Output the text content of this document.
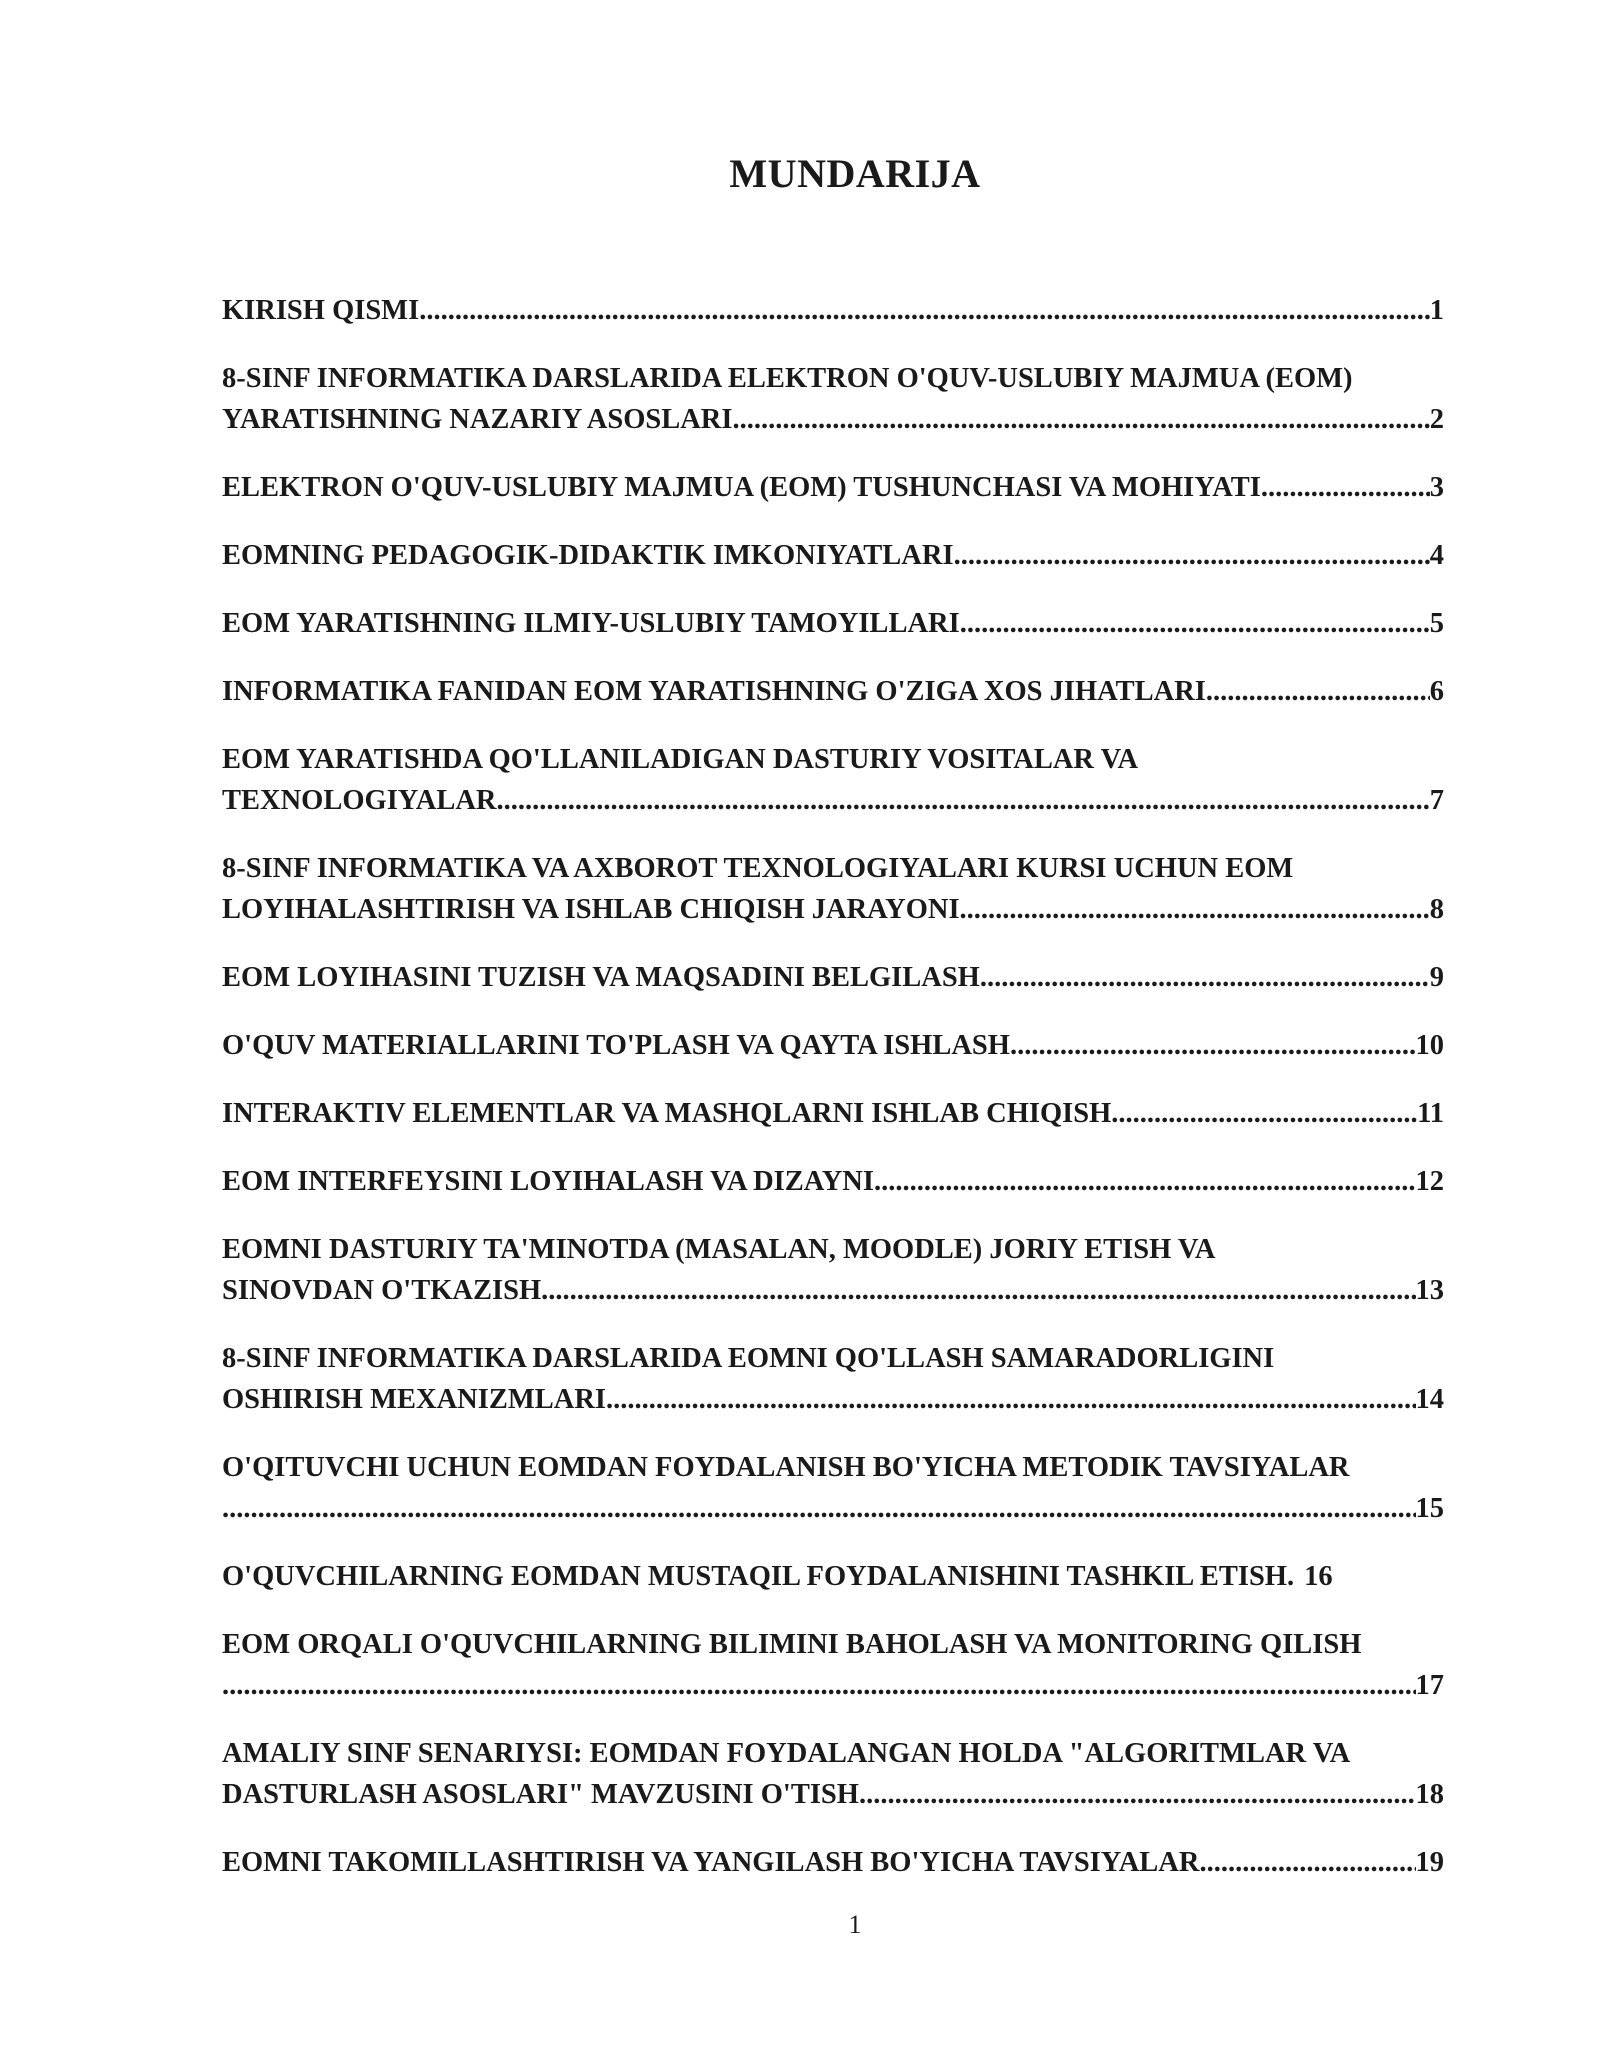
MUNDARIJA
KIRISH QISMI .....	1
8-SINF INFORMATIKA DARSLARIDA ELEKTRON O'QUV-USLUBIY MAJMUA (EOM)
YARATISHNING NAZARIY ASOSLARI .....	2
ELEKTRON O'QUV-USLUBIY MAJMUA (EOM) TUSHUNCHASI VA MOHIYATI .....	3
EOMNING PEDAGOGIK-DIDAKTIK IMKONIYATLARI .....	4
EOM YARATISHNING ILMIY-USLUBIY TAMOYILLARI .....	5
INFORMATIKA FANIDAN EOM YARATISHNING O'ZIGA XOS JIHATLARI .....	6
EOM YARATISHDA QO'LLANILADIGAN DASTURIY VOSITALAR VA
TEXNOLOGIYALAR .....	7
8-SINF INFORMATIKA VA AXBOROT TEXNOLOGIYALARI KURSI UCHUN EOM
LOYIHALASHTIRISH VA ISHLAB CHIQISH JARAYONI .....	8
EOM LOYIHASINI TUZISH VA MAQSADINI BELGILASH .....	9
O'QUV MATERIALLARINI TO'PLASH VA QAYTA ISHLASH .....	10
INTERAKTIV ELEMENTLAR VA MASHQLARNI ISHLAB CHIQISH .....	11
EOM INTERFEYSINI LOYIHALASH VA DIZAYNI .....	12
EOMNI DASTURIY TA'MINOTDA (MASALAN, MOODLE) JORIY ETISH VA
SINOVDAN O'TKAZISH .....	13
8-SINF INFORMATIKA DARSLARIDA EOMNI QO'LLASH SAMARADORLIGINI
OSHIRISH MEXANIZMLARI .....	14
O'QITUVCHI UCHUN EOMDAN FOYDALANISH BO'YICHA METODIK TAVSIYALAR
.....
15
O'QUVCHILARNING EOMDAN MUSTAQIL FOYDALANISHINI TASHKIL ETISH. 16
EOM ORQALI O'QUVCHILARNING BILIMINI BAHOLASH VA MONITORING QILISH
.....
17
AMALIY SINF SENARIYSI: EOMDAN FOYDALANGAN HOLDA "ALGORITMLAR VA
DASTURLASH ASOSLARI" MAVZUSINI O'TISH .....	18
EOMNI TAKOMILLASHTIRISH VA YANGILASH BO'YICHA TAVSIYALAR .....	19
1
